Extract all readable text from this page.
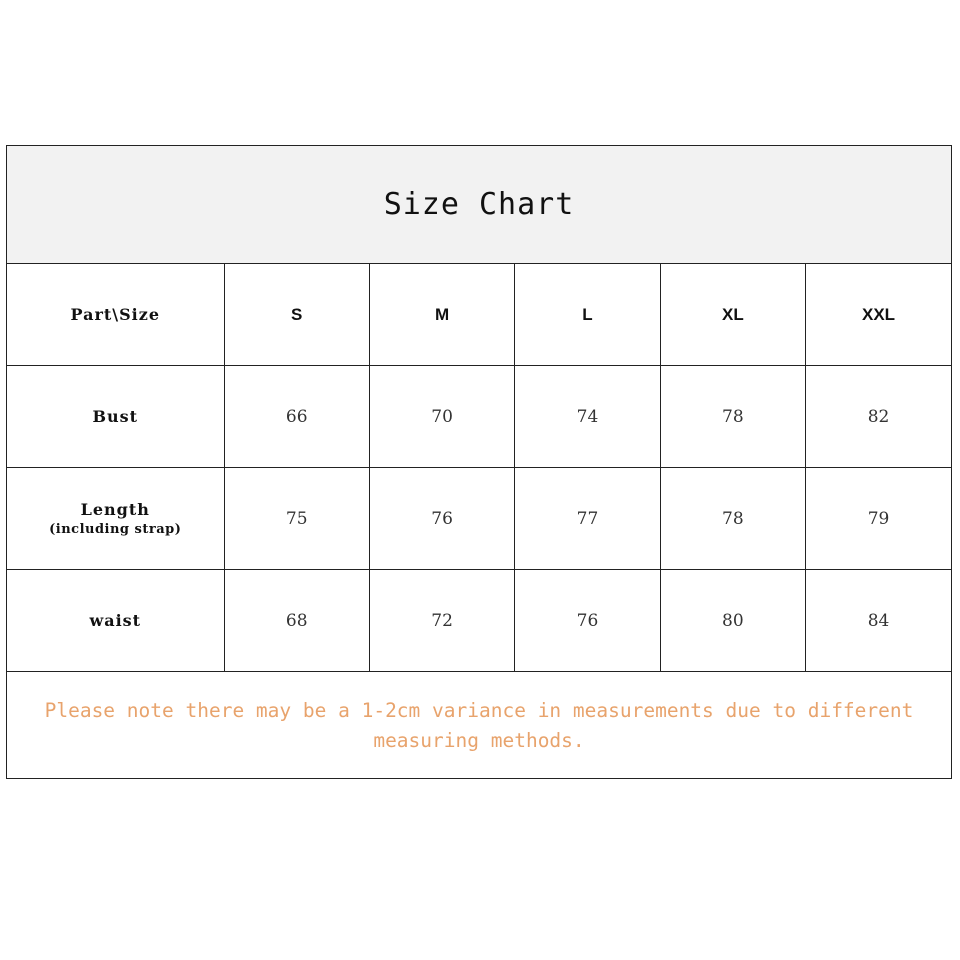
Size Chart
Part\Size	S	M	L	XL	XXL
Bust	66	70	74	78	82
Length
(including strap)	75	76	77	78	79
waist	68	72	76	80	84
Please note there may be a 1-2cm variance in measurements due to different measuring methods.
